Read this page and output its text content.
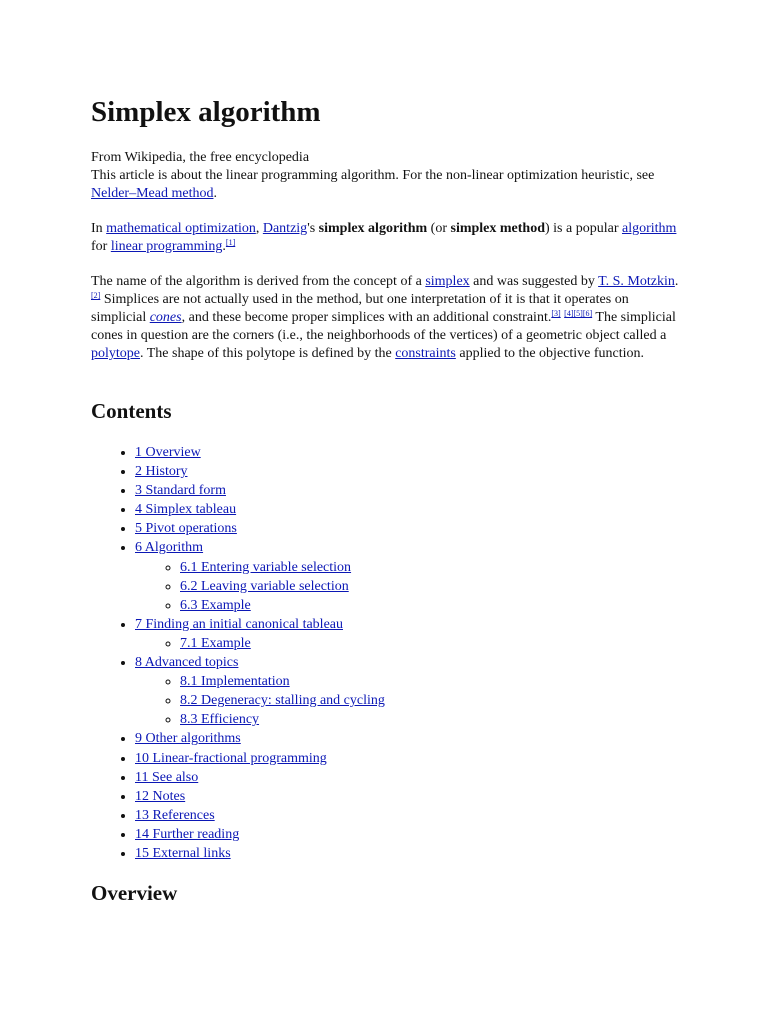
Simplex algorithm

From Wikipedia, the free encyclopedia

This article is about the linear programming algorithm. For the non-linear optimization heuristic, see Nelder–Mead method.

In mathematical optimization, Dantzig's simplex algorithm (or simplex method) is a popular algorithm for linear programming.[1]

The name of the algorithm is derived from the concept of a simplex and was suggested by T. S. Motzkin.[2] Simplices are not actually used in the method, but one interpretation of it is that it operates on simplicial cones, and these become proper simplices with an additional constraint.[3] [4][5][6] The simplicial cones in question are the corners (i.e., the neighborhoods of the vertices) of a geometric object called a polytope. The shape of this polytope is defined by the constraints applied to the objective function.

Contents
• 1 Overview
• 2 History
• 3 Standard form
• 4 Simplex tableau
• 5 Pivot operations
• 6 Algorithm
◦ 6.1 Entering variable selection
◦ 6.2 Leaving variable selection
◦ 6.3 Example
• 7 Finding an initial canonical tableau
◦ 7.1 Example
• 8 Advanced topics
◦ 8.1 Implementation
◦ 8.2 Degeneracy: stalling and cycling
◦ 8.3 Efficiency
• 9 Other algorithms
• 10 Linear-fractional programming
• 11 See also
• 12 Notes
• 13 References
• 14 Further reading
• 15 External links
Overview
